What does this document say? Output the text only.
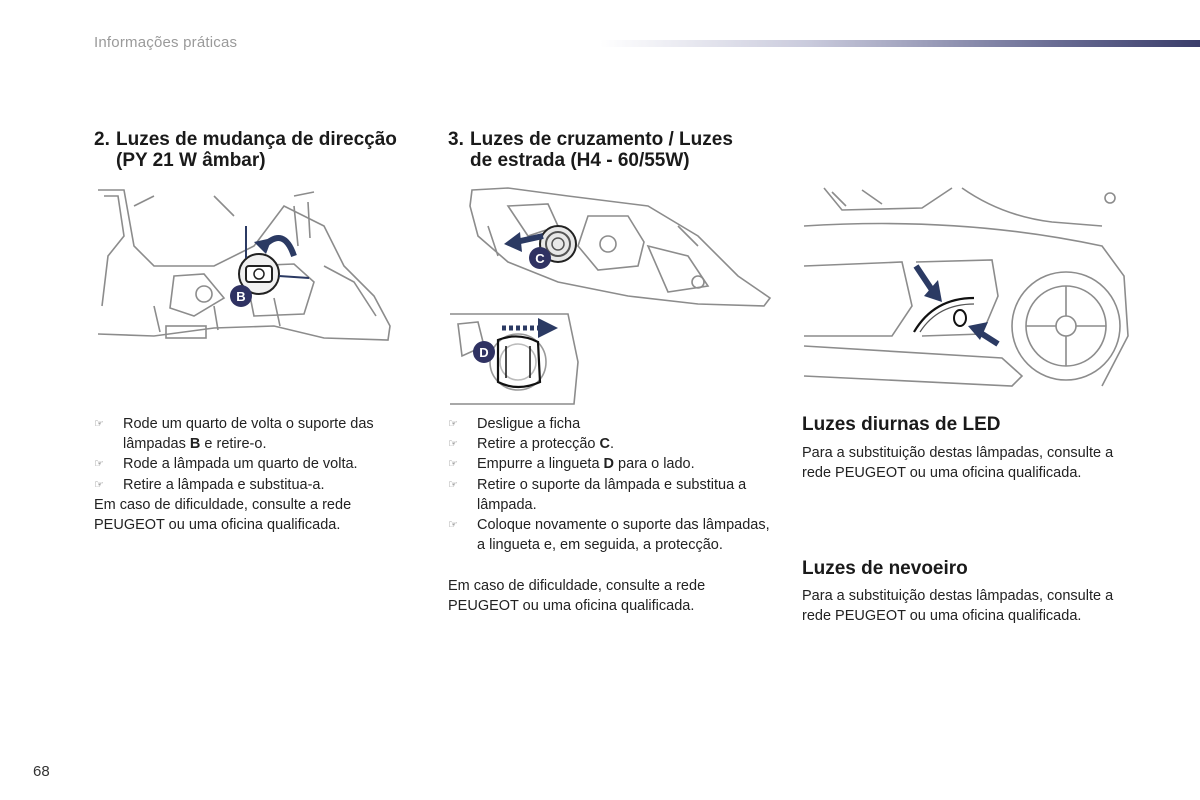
Informações práticas
2. Luzes de mudança de direcção
(PY 21 W âmbar)
B
☞ Rode um quarto de volta o suporte das lâmpadas B e retire-o.
☞ Rode a lâmpada um quarto de volta.
☞ Retire a lâmpada e substitua-a.

Em caso de dificuldade, consulte a rede PEUGEOT ou uma oficina qualificada.

3. Luzes de cruzamento / Luzes
de estrada (H4 - 60/55W)
C
D
☞ Desligue a ficha
☞ Retire a protecção C.
☞ Empurre a lingueta D para o lado.
☞ Retire o suporte da lâmpada e substitua a lâmpada.
☞ Coloque novamente o suporte das lâmpadas, a lingueta e, em seguida, a protecção.

Em caso de dificuldade, consulte a rede PEUGEOT ou uma oficina qualificada.

Luzes diurnas de LED

Para a substituição destas lâmpadas, consulte a rede PEUGEOT ou uma oficina qualificada.

Luzes de nevoeiro

Para a substituição destas lâmpadas, consulte a rede PEUGEOT ou uma oficina qualificada.

68
